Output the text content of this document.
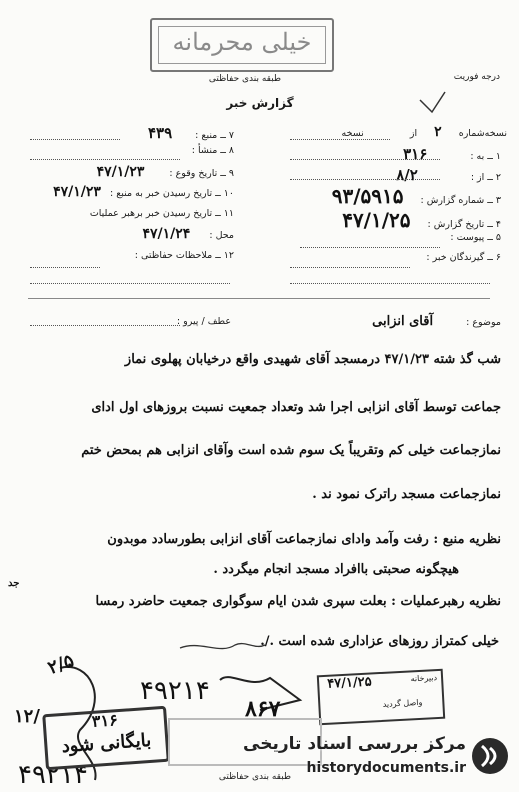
خیلی محرمانه
طبقه بندی حفاظتی	درجه فوریت
گزارش خبر
نسخه‌شماره ۲ از  نسخه
۱ ــ به : ۳۱۶
۲ ــ از : ۸/۲
۳ ــ شماره گزارش : ۹۳/۵۹۱۵
۴ ــ تاریخ گزارش : ۴۷/۱/۲۵
۵ ــ پیوست :
۶ ــ گیرندگان خبر :
۷ ــ منبع : ۴۳۹
۸ ــ منشأ :
۹ ــ تاریخ وقوع : ۴۷/۱/۲۳
۱۰ ــ تاریخ رسیدن خبر به منبع : ۴۷/۱/۲۳
۱۱ ــ تاریخ رسیدن خبر برهبر عملیات
محل : ۴۷/۱/۲۴
۱۲ ــ ملاحظات حفاظتی :
موضوع : آقای انزابی
عطف / پیرو :
شب گذ شته ۴۷/۱/۲۳ درمسجد آقای شهیدی واقع درخیابان پهلوی نماز
جماعت توسط آقای انزابی اجرا شد وتعداد جمعیت نسبت بروزهای اول ادای
نمازجماعت خیلی کم وتقریباً یک سوم شده است وآقای انزابی هم بمحض ختم
نمازجماعت مسجد راترک نمود ند .
نظریه منبع : رفت وآمد وادای نمازجماعت آقای انزابی بطورسادد موبدون
هیچگونه صحبتی باافراد مسجد انجام میگردد .
نظریه رهبرعملیات : بعلت سپری شدن ایام سوگواری جمعیت حاضرد رمسا
جد
خیلی کمتراز روزهای عزاداری شده است ./.
۲/۵
۱۲/
۴۹۲۱۴
۸۶۷
۴۹۲۱۴
۳۱۶
بایگانی شود
دبیرخانه
۴۷/۱/۲۵
واصل گردید
طبقه بندی حفاظتی
مرکز بررسی اسناد تاریخی
historydocuments.ir
